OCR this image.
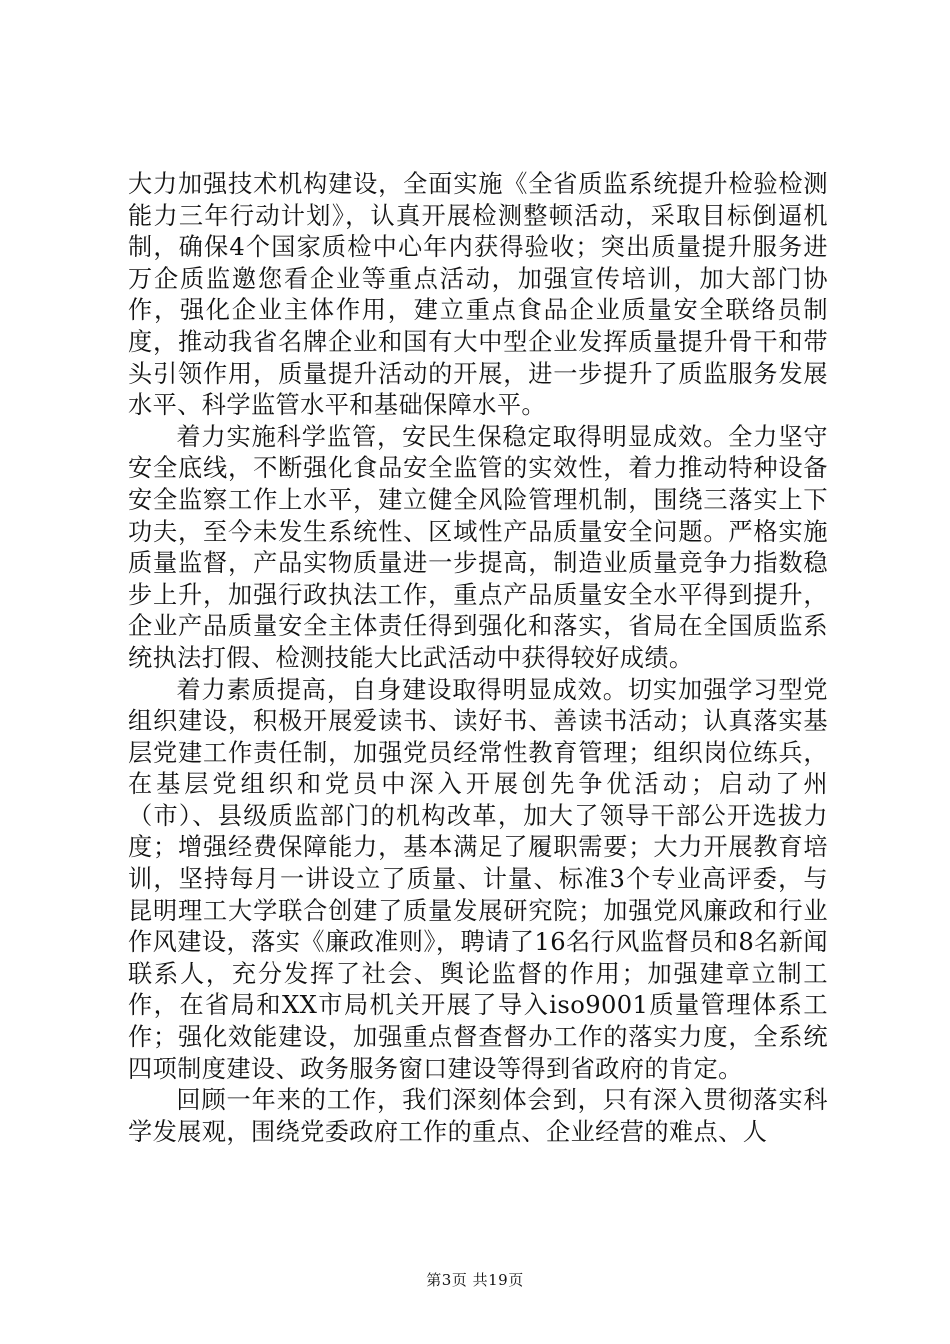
大力加强技术机构建设，全面实施《全省质监系统提升检验检测能力三年行动计划》，认真开展检测整顿活动，采取目标倒逼机制，确保4个国家质检中心年内获得验收；突出质量提升服务进万企质监邀您看企业等重点活动，加强宣传培训，加大部门协作，强化企业主体作用，建立重点食品企业质量安全联络员制度，推动我省名牌企业和国有大中型企业发挥质量提升骨干和带头引领作用，质量提升活动的开展，进一步提升了质监服务发展水平、科学监管水平和基础保障水平。

着力实施科学监管，安民生保稳定取得明显成效。全力坚守安全底线，不断强化食品安全监管的实效性，着力推动特种设备安全监察工作上水平，建立健全风险管理机制，围绕三落实上下功夫，至今未发生系统性、区域性产品质量安全问题。严格实施质量监督，产品实物质量进一步提高，制造业质量竞争力指数稳步上升，加强行政执法工作，重点产品质量安全水平得到提升，企业产品质量安全主体责任得到强化和落实，省局在全国质监系统执法打假、检测技能大比武活动中获得较好成绩。

着力素质提高，自身建设取得明显成效。切实加强学习型党组织建设，积极开展爱读书、读好书、善读书活动；认真落实基层党建工作责任制，加强党员经常性教育管理；组织岗位练兵，在基层党组织和党员中深入开展创先争优活动；启动了州（市）、县级质监部门的机构改革，加大了领导干部公开选拔力度；增强经费保障能力，基本满足了履职需要；大力开展教育培训，坚持每月一讲设立了质量、计量、标准3个专业高评委，与昆明理工大学联合创建了质量发展研究院；加强党风廉政和行业作风建设，落实《廉政准则》，聘请了16名行风监督员和8名新闻联系人，充分发挥了社会、舆论监督的作用；加强建章立制工作，在省局和XX市局机关开展了导入iso9001质量管理体系工作；强化效能建设，加强重点督查督办工作的落实力度，全系统四项制度建设、政务服务窗口建设等得到省政府的肯定。

回顾一年来的工作，我们深刻体会到，只有深入贯彻落实科学发展观，围绕党委政府工作的重点、企业经营的难点、人

第3页 共19页
